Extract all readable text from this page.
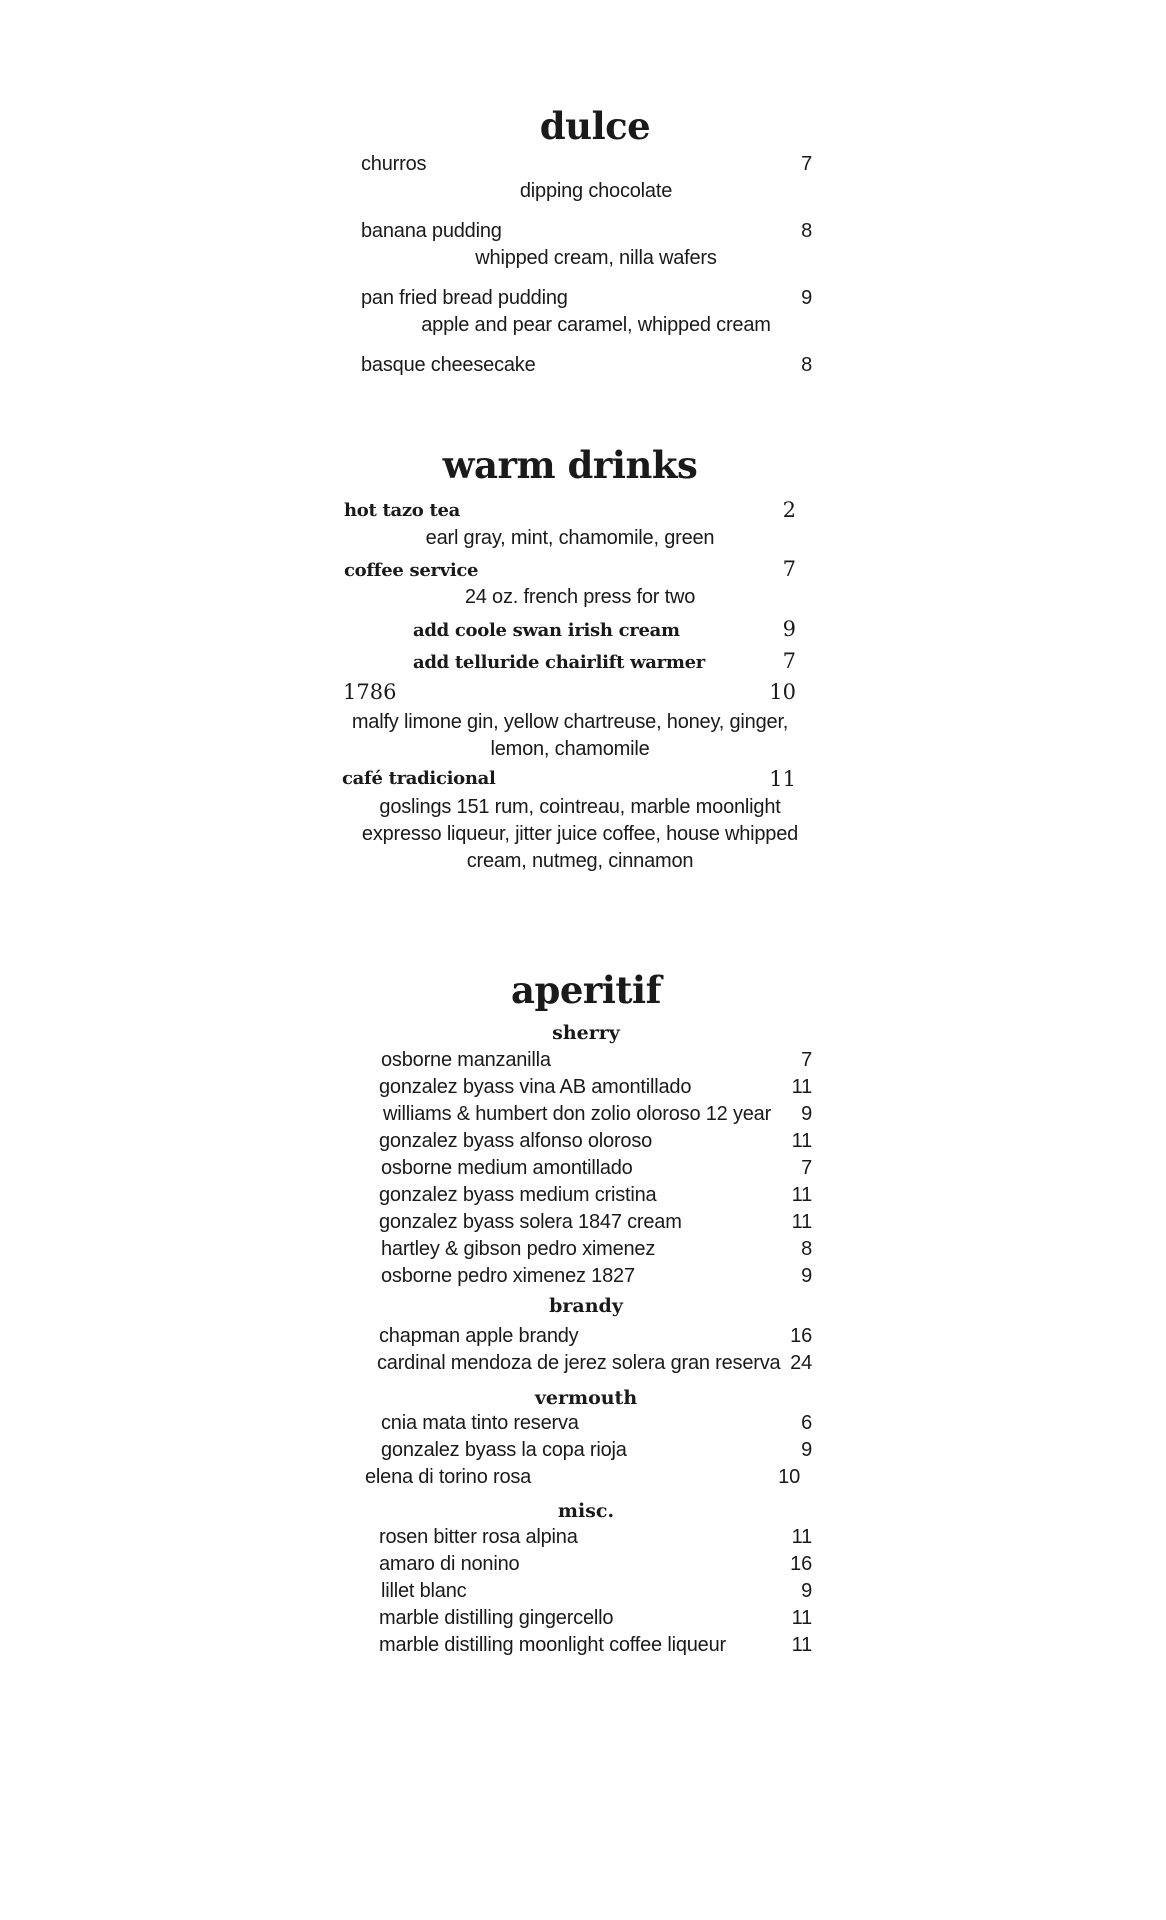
dulce
churros	7
dipping chocolate
banana pudding	8
whipped cream, nilla wafers
pan fried bread pudding	9
apple and pear caramel, whipped cream
basque cheesecake	8
warm drinks
hot tazo tea	2
earl gray, mint, chamomile, green
coffee service	7
24 oz. french press for two
add coole swan irish cream	9
add telluride chairlift warmer	7
1786	10
malfy limone gin, yellow chartreuse, honey, ginger,
lemon, chamomile
café tradicional	11
goslings 151 rum, cointreau, marble moonlight
expresso liqueur, jitter juice coffee, house whipped
cream, nutmeg, cinnamon
aperitif
sherry
osborne manzanilla	7
gonzalez byass vina AB amontillado	11
williams & humbert don zolio oloroso 12 year	9
gonzalez byass alfonso oloroso	11
osborne medium amontillado	7
gonzalez byass medium cristina	11
gonzalez byass solera 1847 cream	11
hartley & gibson pedro ximenez	8
osborne pedro ximenez 1827	9
brandy
chapman apple brandy	16
cardinal mendoza de jerez solera gran reserva 24
vermouth
cnia mata tinto reserva	6
gonzalez byass la copa rioja	9
elena di torino rosa	10
misc.
rosen bitter rosa alpina	11
amaro di nonino	16
lillet blanc	9
marble distilling gingercello	11
marble distilling moonlight coffee liqueur	11
